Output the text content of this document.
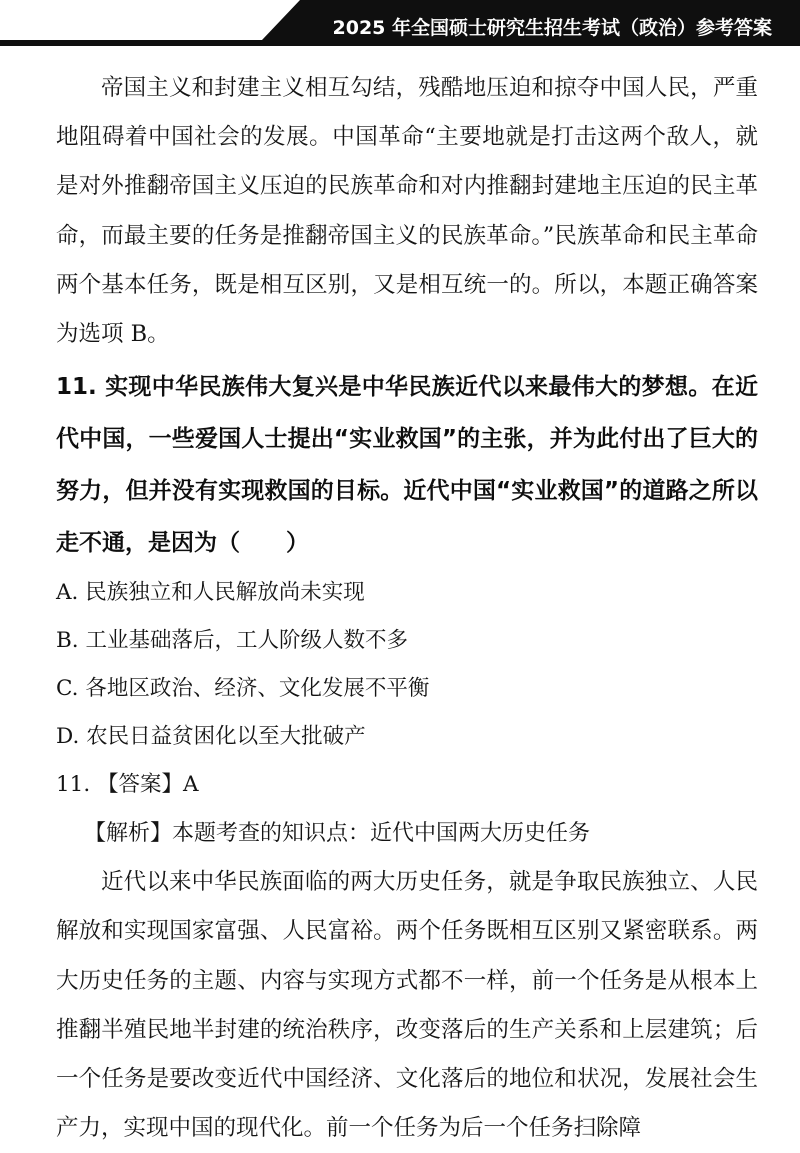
2025 年全国硕士研究生招生考试（政治）参考答案

帝国主义和封建主义相互勾结，残酷地压迫和掠夺中国人民，严重地阻碍着中国社会的发展。中国革命“主要地就是打击这两个敌人，就是对外推翻帝国主义压迫的民族革命和对内推翻封建地主压迫的民主革命，而最主要的任务是推翻帝国主义的民族革命。”民族革命和民主革命两个基本任务，既是相互区别，又是相互统一的。所以，本题正确答案为选项 B。

11. 实现中华民族伟大复兴是中华民族近代以来最伟大的梦想。在近代中国，一些爱国人士提出“实业救国”的主张，并为此付出了巨大的努力，但并没有实现救国的目标。近代中国“实业救国”的道路之所以走不通，是因为（　　）

A. 民族独立和人民解放尚未实现

B. 工业基础落后，工人阶级人数不多

C. 各地区政治、经济、文化发展不平衡

D. 农民日益贫困化以至大批破产

11. 【答案】A

【解析】本题考查的知识点：近代中国两大历史任务

近代以来中华民族面临的两大历史任务，就是争取民族独立、人民解放和实现国家富强、人民富裕。两个任务既相互区别又紧密联系。两大历史任务的主题、内容与实现方式都不一样，前一个任务是从根本上推翻半殖民地半封建的统治秩序，改变落后的生产关系和上层建筑；后一个任务是要改变近代中国经济、文化落后的地位和状况，发展社会生产力，实现中国的现代化。前一个任务为后一个任务扫除障
